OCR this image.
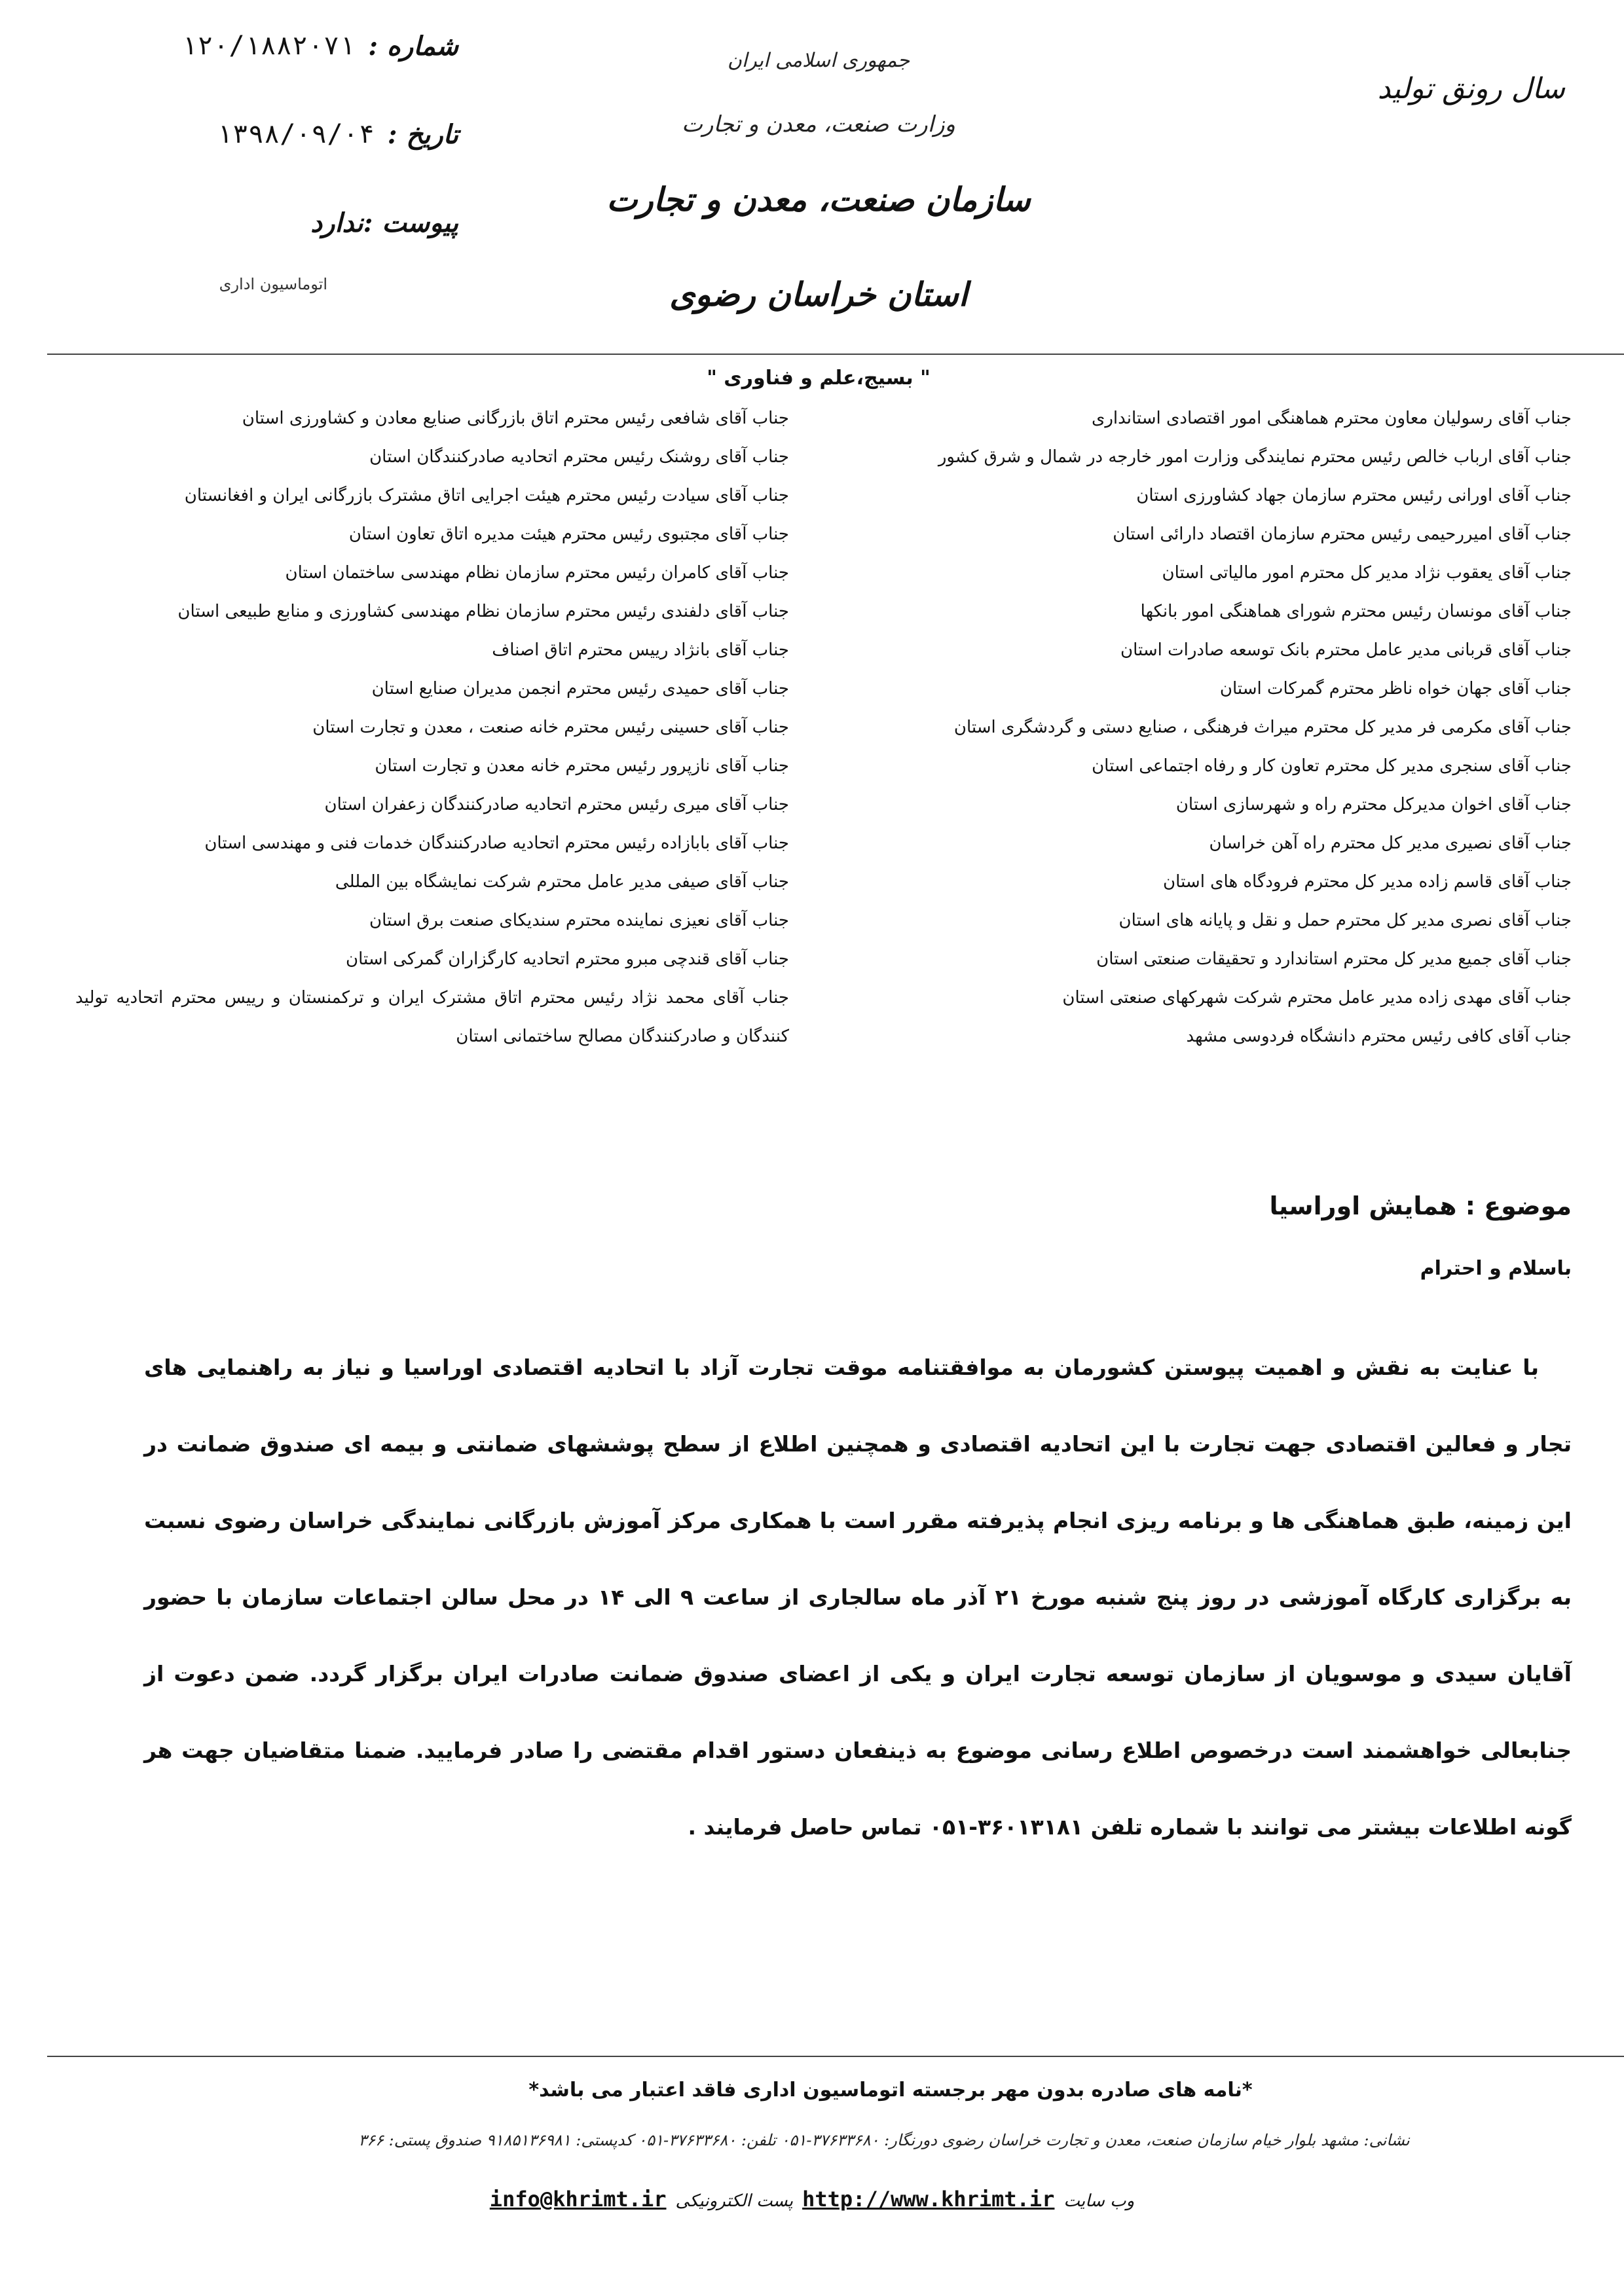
شماره :
۱۲۰/۱۸۸۲۰۷۱
تاریخ :
۱۳۹۸/۰۹/۰۴
پیوست :ندارد
اتوماسیون اداری
جمهوری اسلامی ایران
وزارت صنعت، معدن و تجارت
سازمان صنعت، معدن و تجارت
استان خراسان رضوی
سال رونق تولید
" بسیج،علم و فناوری "

جناب آقای رسولیان معاون محترم هماهنگی امور اقتصادی استانداری

جناب آقای ارباب خالص رئیس محترم نمایندگی وزارت امور خارجه در شمال و شرق کشور

جناب آقای اورانی رئیس محترم سازمان جهاد کشاورزی استان

جناب آقای امیررحیمی رئیس محترم سازمان اقتصاد دارائی استان

جناب آقای یعقوب نژاد مدیر کل محترم امور مالیاتی استان

جناب آقای مونسان رئیس محترم شورای هماهنگی امور بانکها

جناب آقای قربانی مدیر عامل محترم بانک توسعه صادرات استان

جناب آقای جهان خواه ناظر محترم گمرکات استان

جناب آقای مکرمی فر مدیر کل محترم میراث فرهنگی ، صنایع دستی و گردشگری استان

جناب آقای سنجری مدیر کل محترم تعاون کار و رفاه اجتماعی استان

جناب آقای اخوان مدیرکل محترم راه و شهرسازی استان

جناب آقای نصیری مدیر کل محترم راه آهن خراسان

جناب آقای قاسم زاده مدیر کل محترم فرودگاه های استان

جناب آقای نصری مدیر کل محترم حمل و نقل و پایانه های استان

جناب آقای جمیع مدیر کل محترم استاندارد و تحقیقات صنعتی استان

جناب آقای مهدی زاده مدیر عامل محترم شرکت شهرکهای صنعتی استان

جناب آقای کافی رئیس محترم دانشگاه فردوسی مشهد

جناب آقای شافعی رئیس محترم اتاق بازرگانی صنایع معادن و کشاورزی استان

جناب آقای روشنک رئیس محترم اتحادیه صادرکنندگان استان

جناب آقای سیادت رئیس محترم هیئت اجرایی اتاق مشترک بازرگانی ایران و افغانستان

جناب آقای مجتبوی رئیس محترم هیئت مدیره اتاق تعاون استان

جناب آقای کامران رئیس محترم سازمان نظام مهندسی ساختمان استان

جناب آقای دلفندی رئیس محترم سازمان نظام مهندسی کشاورزی و منابع طبیعی استان

جناب آقای بانژاد رییس محترم اتاق اصناف

جناب آقای حمیدی رئیس محترم انجمن مدیران صنایع استان

جناب آقای حسینی رئیس محترم خانه صنعت ، معدن و تجارت استان

جناب آقای نازپرور رئیس محترم خانه معدن و تجارت استان

جناب آقای میری رئیس محترم اتحادیه صادرکنندگان زعفران استان

جناب آقای بابازاده رئیس محترم اتحادیه صادرکنندگان خدمات فنی و مهندسی استان

جناب آقای صیفی مدیر عامل محترم شرکت نمایشگاه بین المللی

جناب آقای نعیزی نماینده محترم سندیکای صنعت برق استان

جناب آقای قندچی مبرو محترم اتحادیه کارگزاران گمرکی استان

جناب آقای محمد نژاد رئیس محترم اتاق مشترک ایران و ترکمنستان و رییس محترم اتحادیه تولید کنندگان و صادرکنندگان مصالح ساختمانی استان

موضوع : همایش اوراسیا
باسلام و احترام

با عنایت به نقش و اهمیت پیوستن کشورمان به موافقتنامه موقت تجارت آزاد با اتحادیه اقتصادی اوراسیا و نیاز به راهنمایی های تجار و فعالین اقتصادی جهت تجارت با این اتحادیه اقتصادی و همچنین اطلاع از سطح پوششهای ضمانتی و بیمه ای صندوق ضمانت در این زمینه، طبق هماهنگی ها و برنامه ریزی انجام پذیرفته مقرر است با همکاری مرکز آموزش بازرگانی نمایندگی خراسان رضوی نسبت به برگزاری کارگاه آموزشی در روز پنج شنبه مورخ ۲۱ آذر ماه سالجاری از ساعت ۹ الی ۱۴ در محل سالن اجتماعات سازمان با حضور آقایان سیدی و موسویان از سازمان توسعه تجارت ایران و یکی از اعضای صندوق ضمانت صادرات ایران برگزار گردد. ضمن دعوت از جنابعالی خواهشمند است درخصوص اطلاع رسانی موضوع به ذینفعان دستور اقدام مقتضی را صادر فرمایید. ضمنا متقاضیان جهت هر گونه اطلاعات بیشتر می توانند با شماره تلفن ۳۶۰۱۳۱۸۱-۰۵۱ تماس حاصل فرمایند .

*نامه های صادره بدون مهر برجسته اتوماسیون اداری فاقد اعتبار می باشد*
نشانی: مشهد بلوار خیام سازمان صنعت، معدن و تجارت خراسان رضوی دورنگار: ۳۷۶۳۳۶۸۰-۰۵۱ تلفن: ۳۷۶۳۳۶۸۰-۰۵۱ کدپستی: ۹۱۸۵۱۳۶۹۸۱ صندوق پستی: ۳۶۶
وب سایت
http://www.khrimt.ir
پست الکترونیکی
info@khrimt.ir
